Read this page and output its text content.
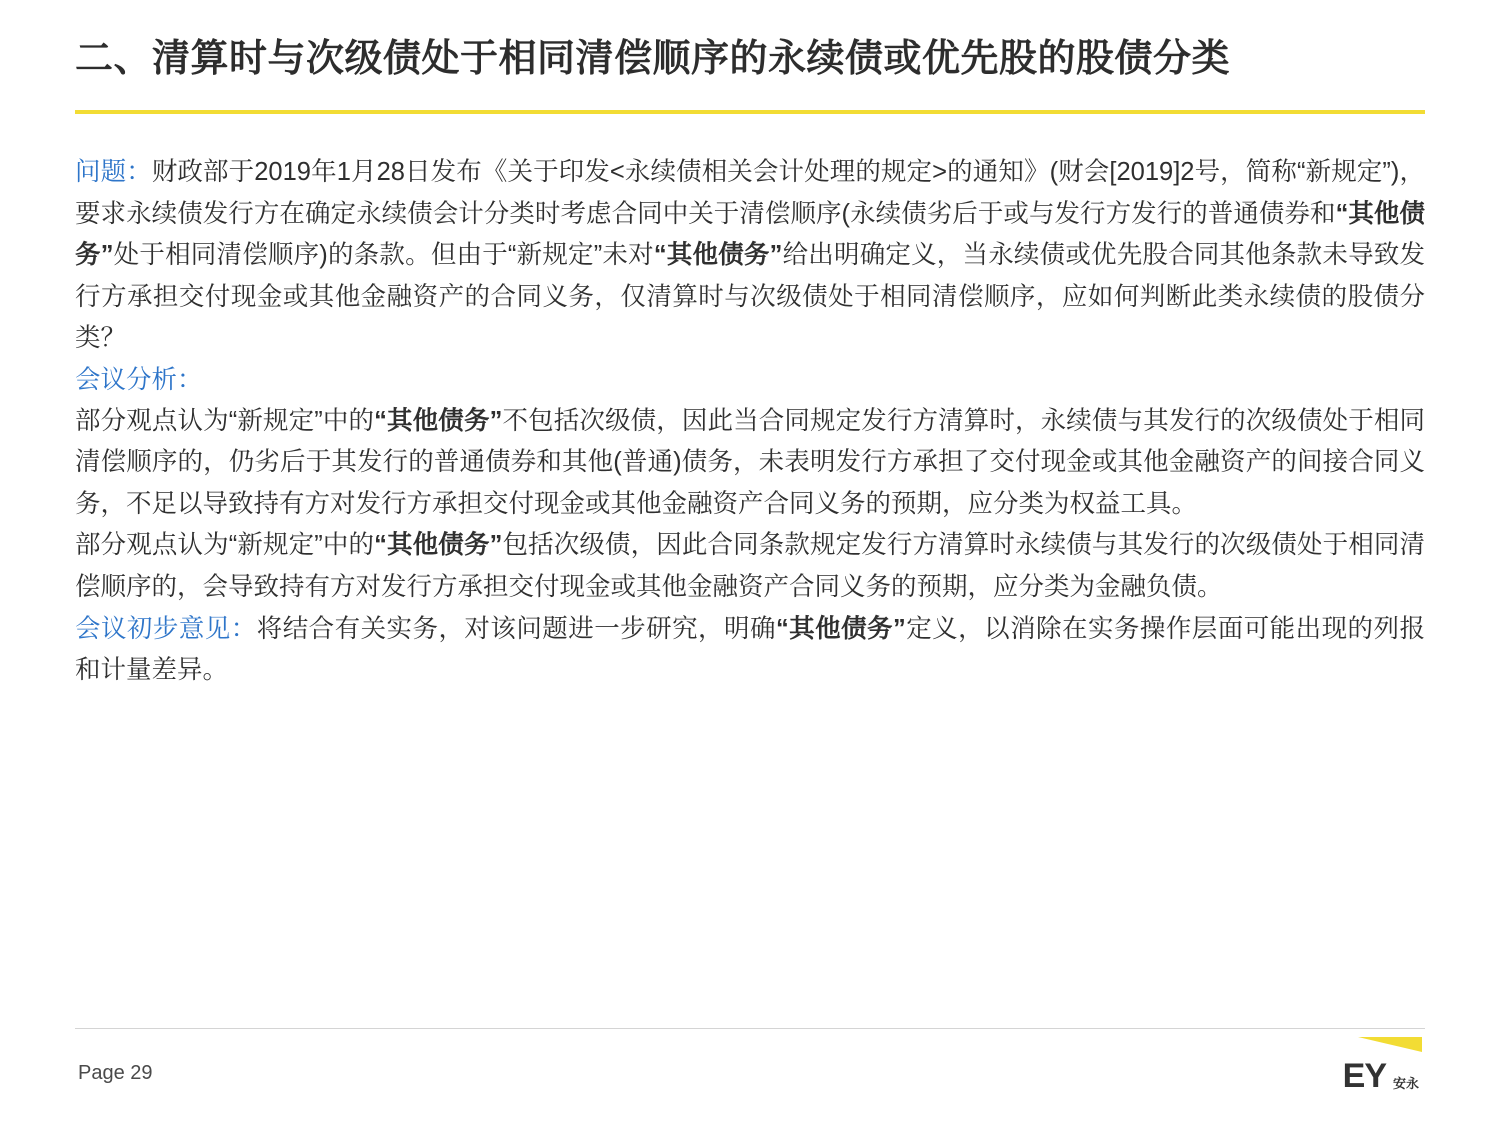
二、清算时与次级债处于相同清偿顺序的永续债或优先股的股债分类

问题：财政部于2019年1月28日发布《关于印发<永续债相关会计处理的规定>的通知》(财会[2019]2号，简称“新规定”)，要求永续债发行方在确定永续债会计分类时考虑合同中关于清偿顺序(永续债劣后于或与发行方发行的普通债券和“其他债务”处于相同清偿顺序)的条款。但由于“新规定”未对“其他债务”给出明确定义，当永续债或优先股合同其他条款未导致发行方承担交付现金或其他金融资产的合同义务，仅清算时与次级债处于相同清偿顺序，应如何判断此类永续债的股债分类？

会议分析：

部分观点认为“新规定”中的“其他债务”不包括次级债，因此当合同规定发行方清算时，永续债与其发行的次级债处于相同清偿顺序的，仍劣后于其发行的普通债券和其他(普通)债务，未表明发行方承担了交付现金或其他金融资产的间接合同义务，不足以导致持有方对发行方承担交付现金或其他金融资产合同义务的预期，应分类为权益工具。

部分观点认为“新规定”中的“其他债务”包括次级债，因此合同条款规定发行方清算时永续债与其发行的次级债处于相同清偿顺序的，会导致持有方对发行方承担交付现金或其他金融资产合同义务的预期，应分类为金融负债。

会议初步意见：将结合有关实务，对该问题进一步研究，明确“其他债务”定义，以消除在实务操作层面可能出现的列报和计量差异。

Page 29	EY 安永
